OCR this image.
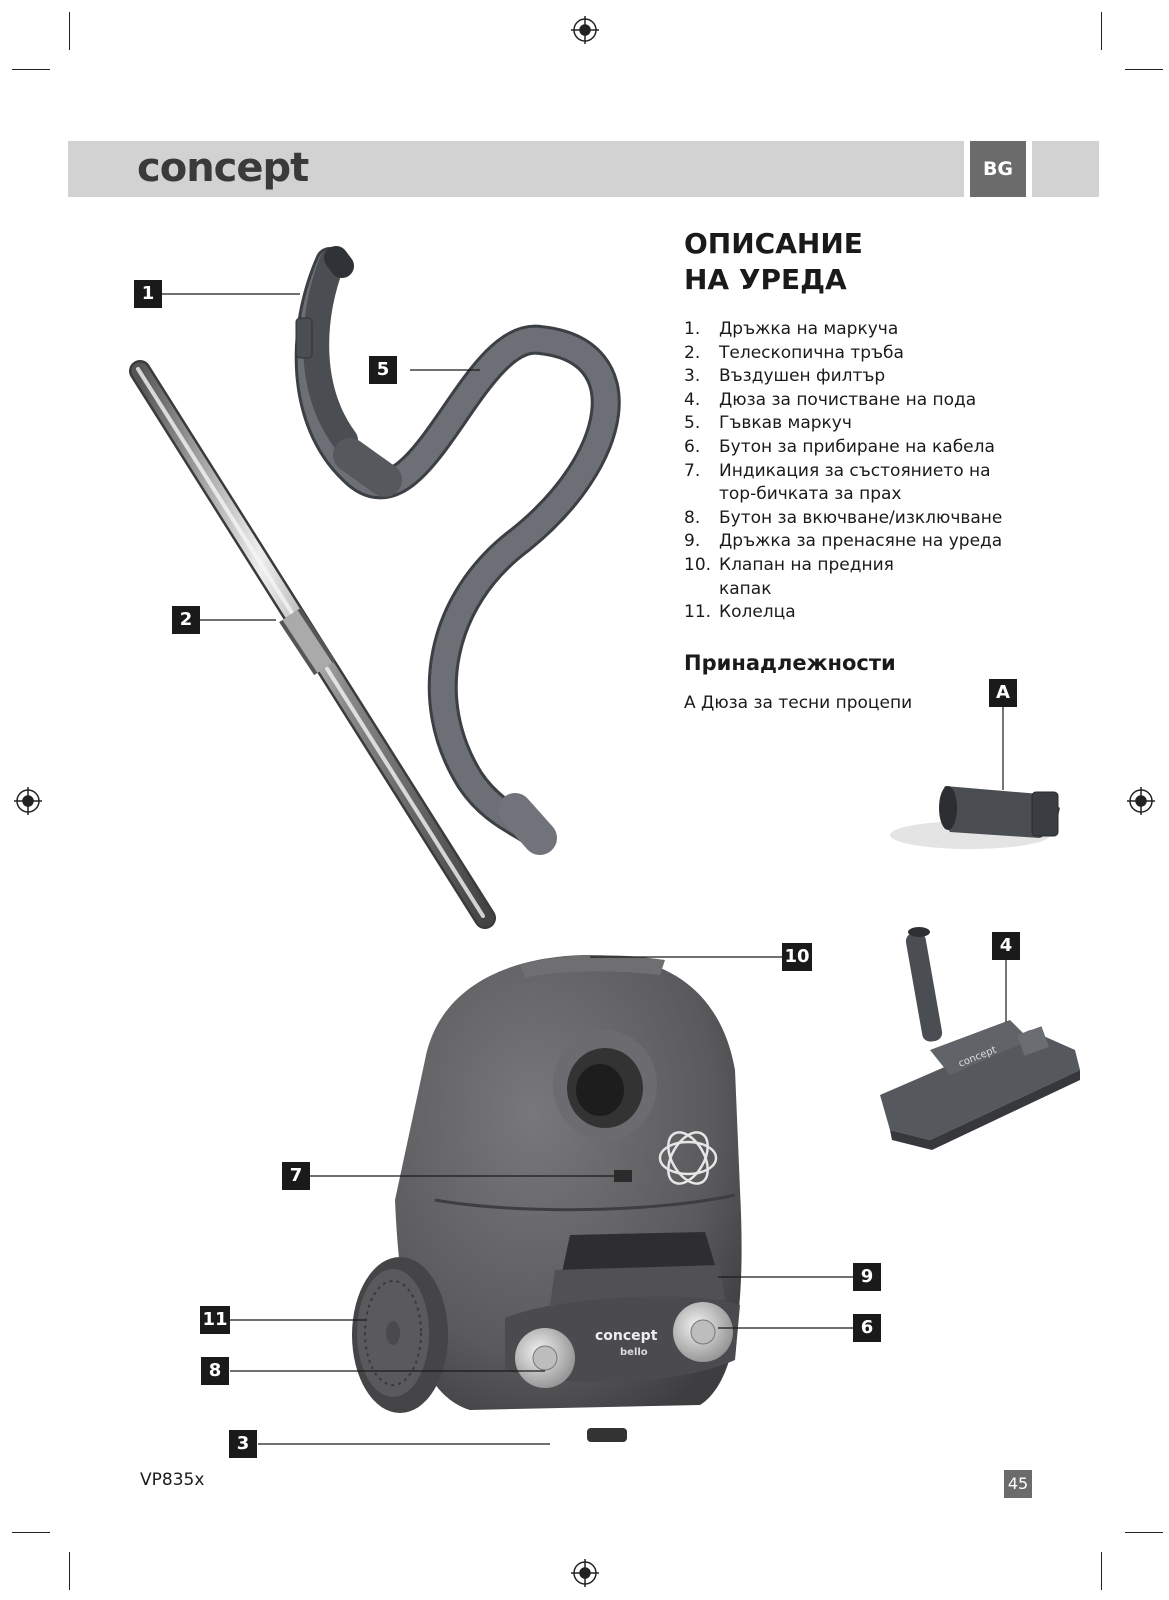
concept
concept
bello
concept	BG
ОПИСАНИЕ
НА УРЕДА
1.	Дръжка на маркуча
2.	Телескопична тръба
3.	Въздушен филтър
4.	Дюза за почистване на пода
5.	Гъвкав маркуч
6.	Бутон за прибиране на кабела
7.	Индикация за състоянието на тор-бичката за прах
8.	Бутон за вкючване/изключване
9.	Дръжка за пренасяне на уреда
10. Клапан на предния капак
11. Колелца
Принадлежности
A Дюза за тесни процепи
1
2
3
4
5
6
7
8
9
10
11
A
VP835x	45
